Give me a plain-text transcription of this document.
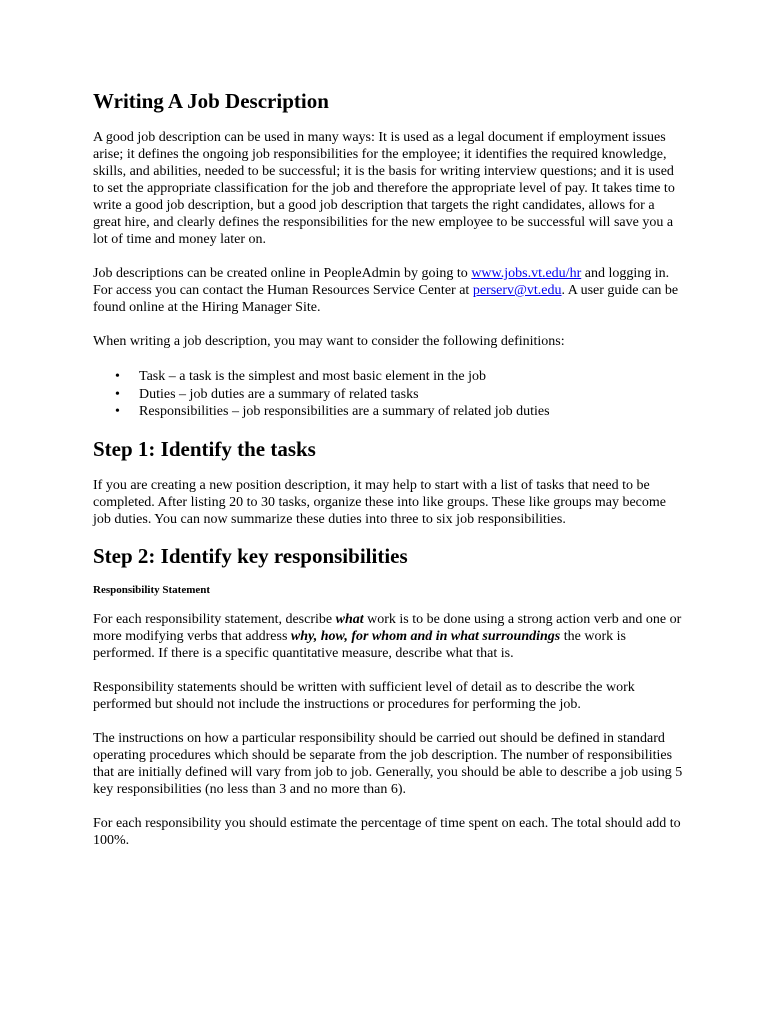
Writing A Job Description

A good job description can be used in many ways: It is used as a legal document if employment issues arise; it defines the ongoing job responsibilities for the employee; it identifies the required knowledge, skills, and abilities, needed to be successful; it is the basis for writing interview questions; and it is used to set the appropriate classification for the job and therefore the appropriate level of pay. It takes time to write a good job description, but a good job description that targets the right candidates, allows for a great hire, and clearly defines the responsibilities for the new employee to be successful will save you a lot of time and money later on.

Job descriptions can be created online in PeopleAdmin by going to www.jobs.vt.edu/hr and logging in. For access you can contact the Human Resources Service Center at perserv@vt.edu. A user guide can be found online at the Hiring Manager Site.

When writing a job description, you may want to consider the following definitions:

• Task – a task is the simplest and most basic element in the job
• Duties – job duties are a summary of related tasks
• Responsibilities – job responsibilities are a summary of related job duties
Step 1: Identify the tasks

If you are creating a new position description, it may help to start with a list of tasks that need to be completed. After listing 20 to 30 tasks, organize these into like groups. These like groups may become job duties. You can now summarize these duties into three to six job responsibilities.

Step 2: Identify key responsibilities
Responsibility Statement

For each responsibility statement, describe what work is to be done using a strong action verb and one or more modifying verbs that address why, how, for whom and in what surroundings the work is performed. If there is a specific quantitative measure, describe what that is.

Responsibility statements should be written with sufficient level of detail as to describe the work performed but should not include the instructions or procedures for performing the job.

The instructions on how a particular responsibility should be carried out should be defined in standard operating procedures which should be separate from the job description. The number of responsibilities that are initially defined will vary from job to job. Generally, you should be able to describe a job using 5 key responsibilities (no less than 3 and no more than 6).

For each responsibility you should estimate the percentage of time spent on each. The total should add to 100%.
